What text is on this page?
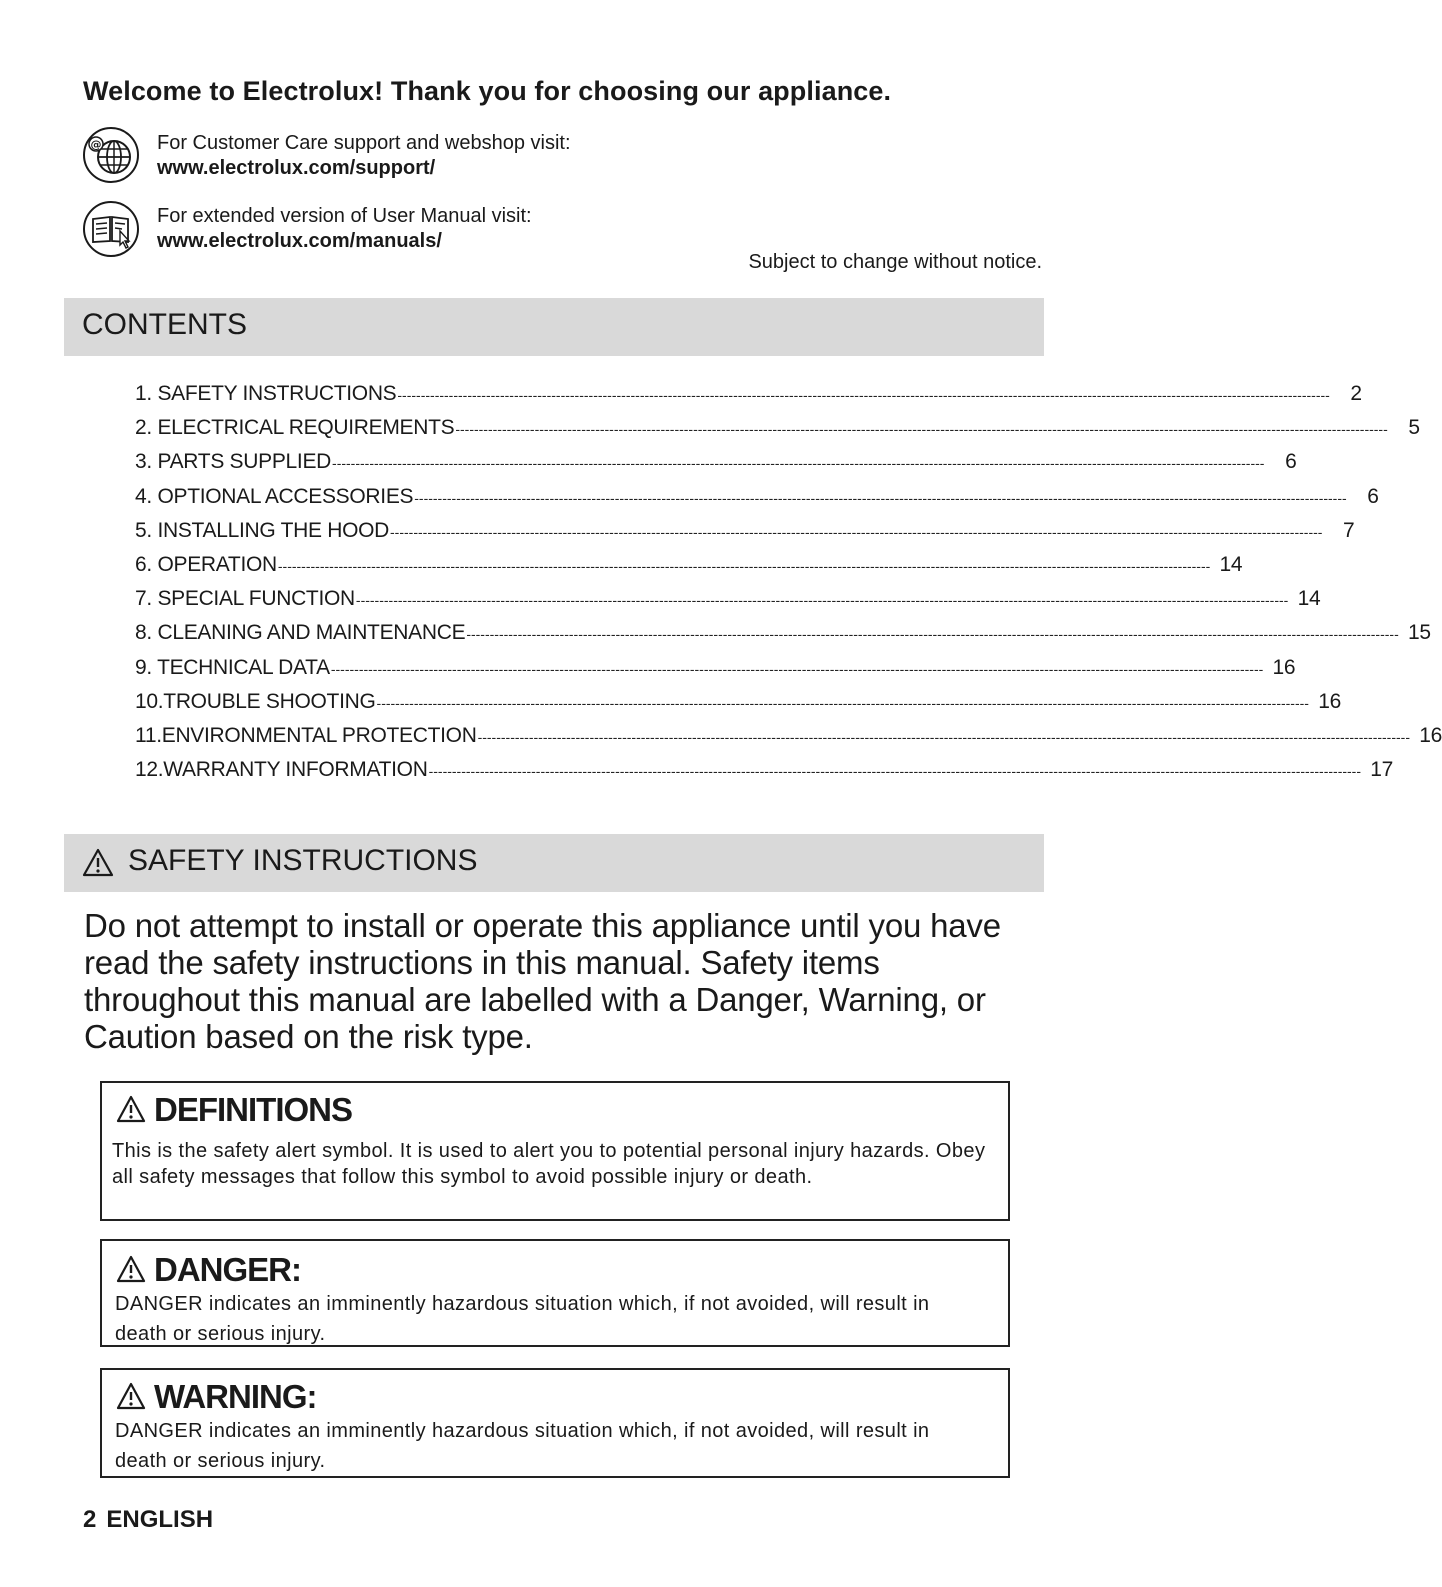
Welcome to Electrolux! Thank you for choosing our appliance.
@	For Customer Care support and webshop visit:
www.electrolux.com/support/
For extended version of User Manual visit:
www.electrolux.com/manuals/
Subject to change without notice.
CONTENTS
1. SAFETY INSTRUCTIONS -------------------------------------------------------------------------------------------------------------------------------------------------------------------------------------------------------- 2
2. ELECTRICAL REQUIREMENTS -------------------------------------------------------------------------------------------------------------------------------------------------------------------------------------------------------- 5
3. PARTS SUPPLIED -------------------------------------------------------------------------------------------------------------------------------------------------------------------------------------------------------- 6
4. OPTIONAL ACCESSORIES -------------------------------------------------------------------------------------------------------------------------------------------------------------------------------------------------------- 6
5. INSTALLING THE HOOD -------------------------------------------------------------------------------------------------------------------------------------------------------------------------------------------------------- 7
6. OPERATION -------------------------------------------------------------------------------------------------------------------------------------------------------------------------------------------------------- 14
7. SPECIAL FUNCTION -------------------------------------------------------------------------------------------------------------------------------------------------------------------------------------------------------- 14
8. CLEANING AND MAINTENANCE -------------------------------------------------------------------------------------------------------------------------------------------------------------------------------------------------------- 15
9. TECHNICAL DATA -------------------------------------------------------------------------------------------------------------------------------------------------------------------------------------------------------- 16
10.TROUBLE SHOOTING -------------------------------------------------------------------------------------------------------------------------------------------------------------------------------------------------------- 16
11.ENVIRONMENTAL PROTECTION -------------------------------------------------------------------------------------------------------------------------------------------------------------------------------------------------------- 16
12.WARRANTY INFORMATION -------------------------------------------------------------------------------------------------------------------------------------------------------------------------------------------------------- 17
SAFETY INSTRUCTIONS
Do not attempt to install or operate this appliance until you have read the safety instructions in this manual. Safety items throughout this manual are labelled with a Danger, Warning, or Caution based on the risk type.
DEFINITIONS
This is the safety alert symbol. It is used to alert you to potential personal injury hazards. Obey all safety messages that follow this symbol to avoid possible injury or death.
DANGER:
DANGER indicates an imminently hazardous situation which, if not avoided, will result in death or serious injury.
WARNING:
DANGER indicates an imminently hazardous situation which, if not avoided, will result in death or serious injury.
2 ENGLISH
